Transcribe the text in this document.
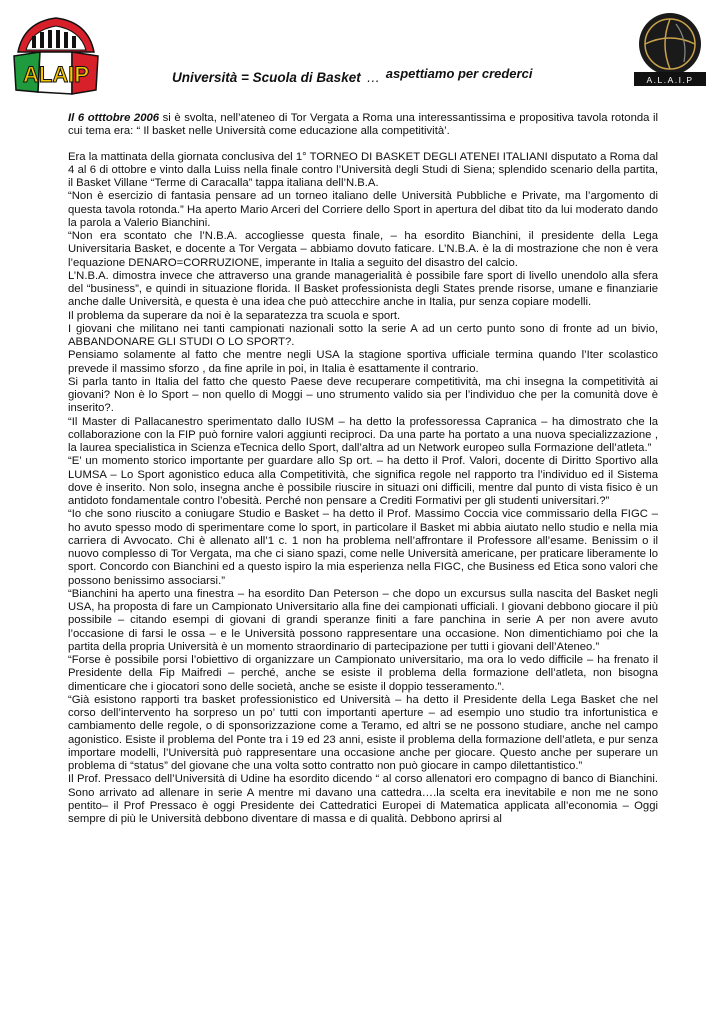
ALAIP	A.L.A.I.P
Università = Scuola di Basket … aspettiamo per crederci

Il 6 otttobre 2006 si è svolta, nell’ateneo di Tor Vergata a Roma una interessantissima e propositiva tavola rotonda il cui tema era: “ Il basket nelle Università come educazione alla competitività’.

Era la mattinata della giornata conclusiva del 1° TORNEO DI BASKET DEGLI ATENEI ITALIANI disputato a Roma dal 4 al 6 di ottobre e vinto dalla Luiss nella finale contro l’Università degli Studi di Siena; splendido scenario della partita, il Basket Villane “Terme di Caracalla” tappa italiana dell’N.B.A.

“Non è esercizio di fantasia pensare ad un torneo italiano delle Università Pubbliche e Private, ma l’argomento di questa tavola rotonda.” Ha aperto Mario Arceri del Corriere dello Sport in apertura del dibat tito da lui moderato dando la parola a Valerio Bianchini.

“Non era scontato che l’N.B.A. accogliesse questa finale, – ha esordito Bianchini, il presidente della Lega Universitaria Basket, e docente a Tor Vergata – abbiamo dovuto faticare. L’N.B.A. è la di mostrazione che non è vera l’equazione DENARO=CORRUZIONE, imperante in Italia a seguito del disastro del calcio.

L’N.B.A. dimostra invece che attraverso una grande managerialità è possibile fare sport di livello unendolo alla sfera del “business”, e quindi in situazione florida. Il Basket professionista degli States prende risorse, umane e finanziarie anche dalle Università, e questa è una idea che può attecchire anche in Italia, pur senza copiare modelli.

Il problema da superare da noi è la separatezza tra scuola e sport.

I giovani che militano nei tanti campionati nazionali sotto la serie A ad un certo punto sono di fronte ad un bivio, ABBANDONARE GLI STUDI O LO SPORT?.

Pensiamo solamente al fatto che mentre negli USA la stagione sportiva ufficiale termina quando l’Iter scolastico prevede il massimo sforzo , da fine aprile in poi, in Italia è esattamente il contrario.

Si parla tanto in Italia del fatto che questo Paese deve recuperare competitività, ma chi insegna la competitività ai giovani? Non è lo Sport – non quello di Moggi – uno strumento valido sia per l’individuo che per la comunità dove è inserito?.

“Il Master di Pallacanestro sperimentato dallo IUSM – ha detto la professoressa Capranica – ha dimostrato che la collaborazione con la FIP può fornire valori aggiunti reciproci. Da una parte ha portato a una nuova specializzazione , la laurea specialistica in Scienza eTecnica dello Sport, dall’altra ad un Network europeo sulla Formazione dell’atleta.”

“E’ un momento storico importante per guardare allo Sp ort. – ha detto il Prof. Valori, docente di Diritto Sportivo alla LUMSA – Lo Sport agonistico educa alla Competitività, che significa regole nel rapporto tra l’individuo ed il Sistema dove è inserito. Non solo, insegna anche è possibile riuscire in situazi oni difficili, mentre dal punto di vista fisico è un antidoto fondamentale contro l’obesità. Perché non pensare a Crediti Formativi per gli studenti universitari.?”

“Io che sono riuscito a coniugare Studio e Basket – ha detto il Prof. Massimo Coccia vice commissario della FIGC – ho avuto spesso modo di sperimentare come lo sport, in particolare il Basket mi abbia aiutato nello studio e nella mia carriera di Avvocato. Chi è allenato all’1 c. 1 non ha problema nell’affrontare il Professore all’esame. Benissim o il nuovo complesso di Tor Vergata, ma che ci siano spazi, come nelle Università americane, per praticare liberamente lo sport. Concordo con Bianchini ed a questo ispiro la mia esperienza nella FIGC, che Business ed Etica sono valori che possono benissimo associarsi.”

“Bianchini ha aperto una finestra – ha esordito Dan Peterson – che dopo un excursus sulla nascita del Basket negli USA, ha proposta di fare un Campionato Universitario alla fine dei campionati ufficiali. I giovani debbono giocare il più possibile – citando esempi di giovani di grandi speranze finiti a fare panchina in serie A per non avere avuto l’occasione di farsi le ossa – e le Università possono rappresentare una occasione. Non dimentichiamo poi che la partita della propria Università è un momento straordinario di partecipazione per tutti i giovani dell’Ateneo.”

“Forse è possibile porsi l’obiettivo di organizzare un Campionato universitario, ma ora lo vedo difficile – ha frenato il Presidente della Fip Maifredi – perché, anche se esiste il problema della formazione dell’atleta, non bisogna dimenticare che i giocatori sono delle società, anche se esiste il doppio tesseramento.”.

“Già esistono rapporti tra basket professionistico ed Università – ha detto il Presidente della Lega Basket che nel corso dell’intervento ha sorpreso un po’ tutti con importanti aperture – ad esempio uno studio tra infortunistica e cambiamento delle regole, o di sponsorizzazione come a Teramo, ed altri se ne possono studiare, anche nel campo agonistico. Esiste il problema del Ponte tra i 19 ed 23 anni, esiste il problema della formazione dell’atleta, e pur senza importare modelli, l’Università può rappresentare una occasione anche per giocare. Questo anche per superare un problema di “status” del giovane che una volta sotto contratto non può giocare in campo dilettantistico.”

Il Prof. Pressaco dell’Università di Udine ha esordito dicendo “ al corso allenatori ero compagno di banco di Bianchini. Sono arrivato ad allenare in serie A mentre mi davano una cattedra….la scelta era inevitabile e non me ne sono pentito– il Prof Pressaco è oggi Presidente dei Cattedratici Europei di Matematica applicata all’economia – Oggi sempre di più le Università debbono diventare di massa e di qualità. Debbono aprirsi al
